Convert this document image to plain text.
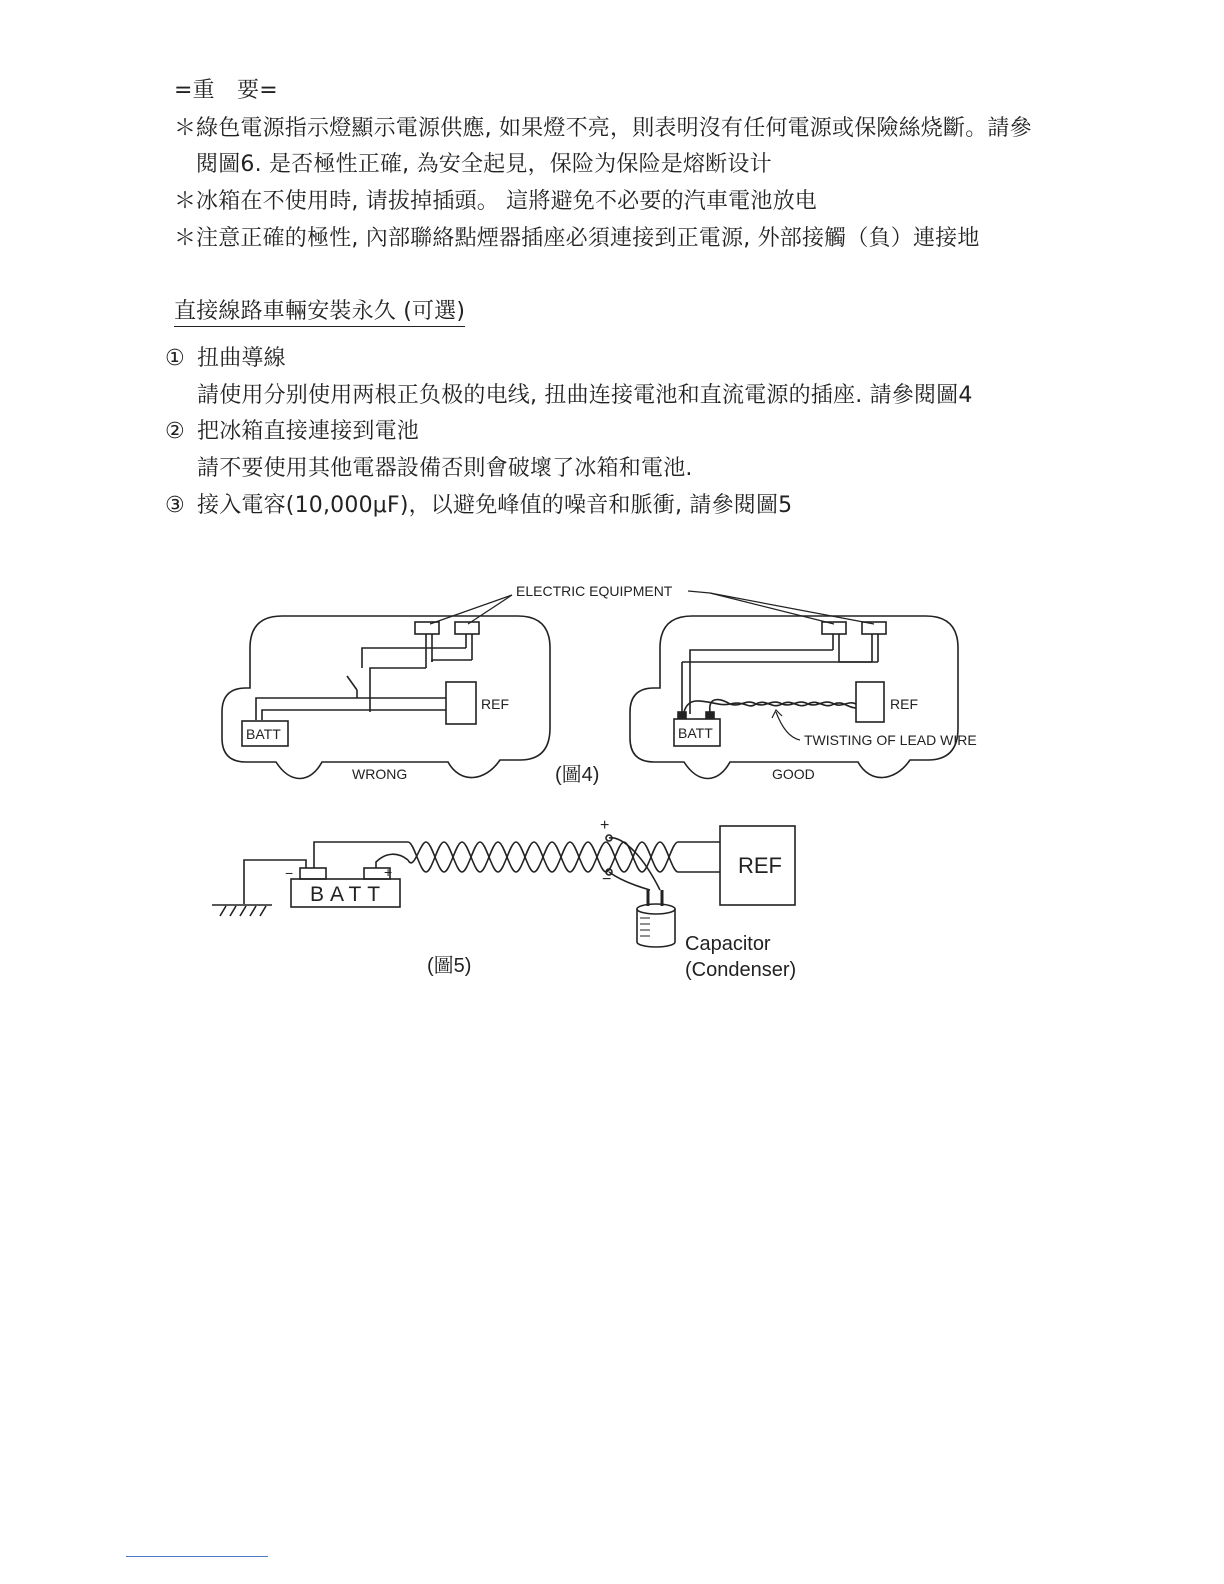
=重　要=
＊綠色電源指示燈顯示電源供應, 如果燈不亮，則表明沒有任何電源或保險絲烧斷。請參
閱圖6. 是否極性正確, 為安全起見，保险为保险是熔断设计
＊冰箱在不使用時, 请拔掉插頭。 這將避免不必要的汽車電池放电
＊注意正確的極性, 內部聯絡點煙器插座必須連接到正電源, 外部接觸（負）連接地
直接線路車輛安裝永久 (可選)
① 扭曲導線
請使用分别使用两根正负极的电线, 扭曲连接電池和直流電源的插座. 請參閱圖4
② 把冰箱直接連接到電池
請不要使用其他電器設備否則會破壞了冰箱和電池.
③ 接入電容(10,000μF)，以避免峰值的噪音和脈衝, 請參閱圖5
BATT
REF
WRONG
ELECTRIC EQUIPMENT
BATT
REF
TWISTING OF LEAD WIRE
GOOD
(圖4)
BATT
−	+
+
−
Capacitor
(Condenser)
REF
(圖5)
